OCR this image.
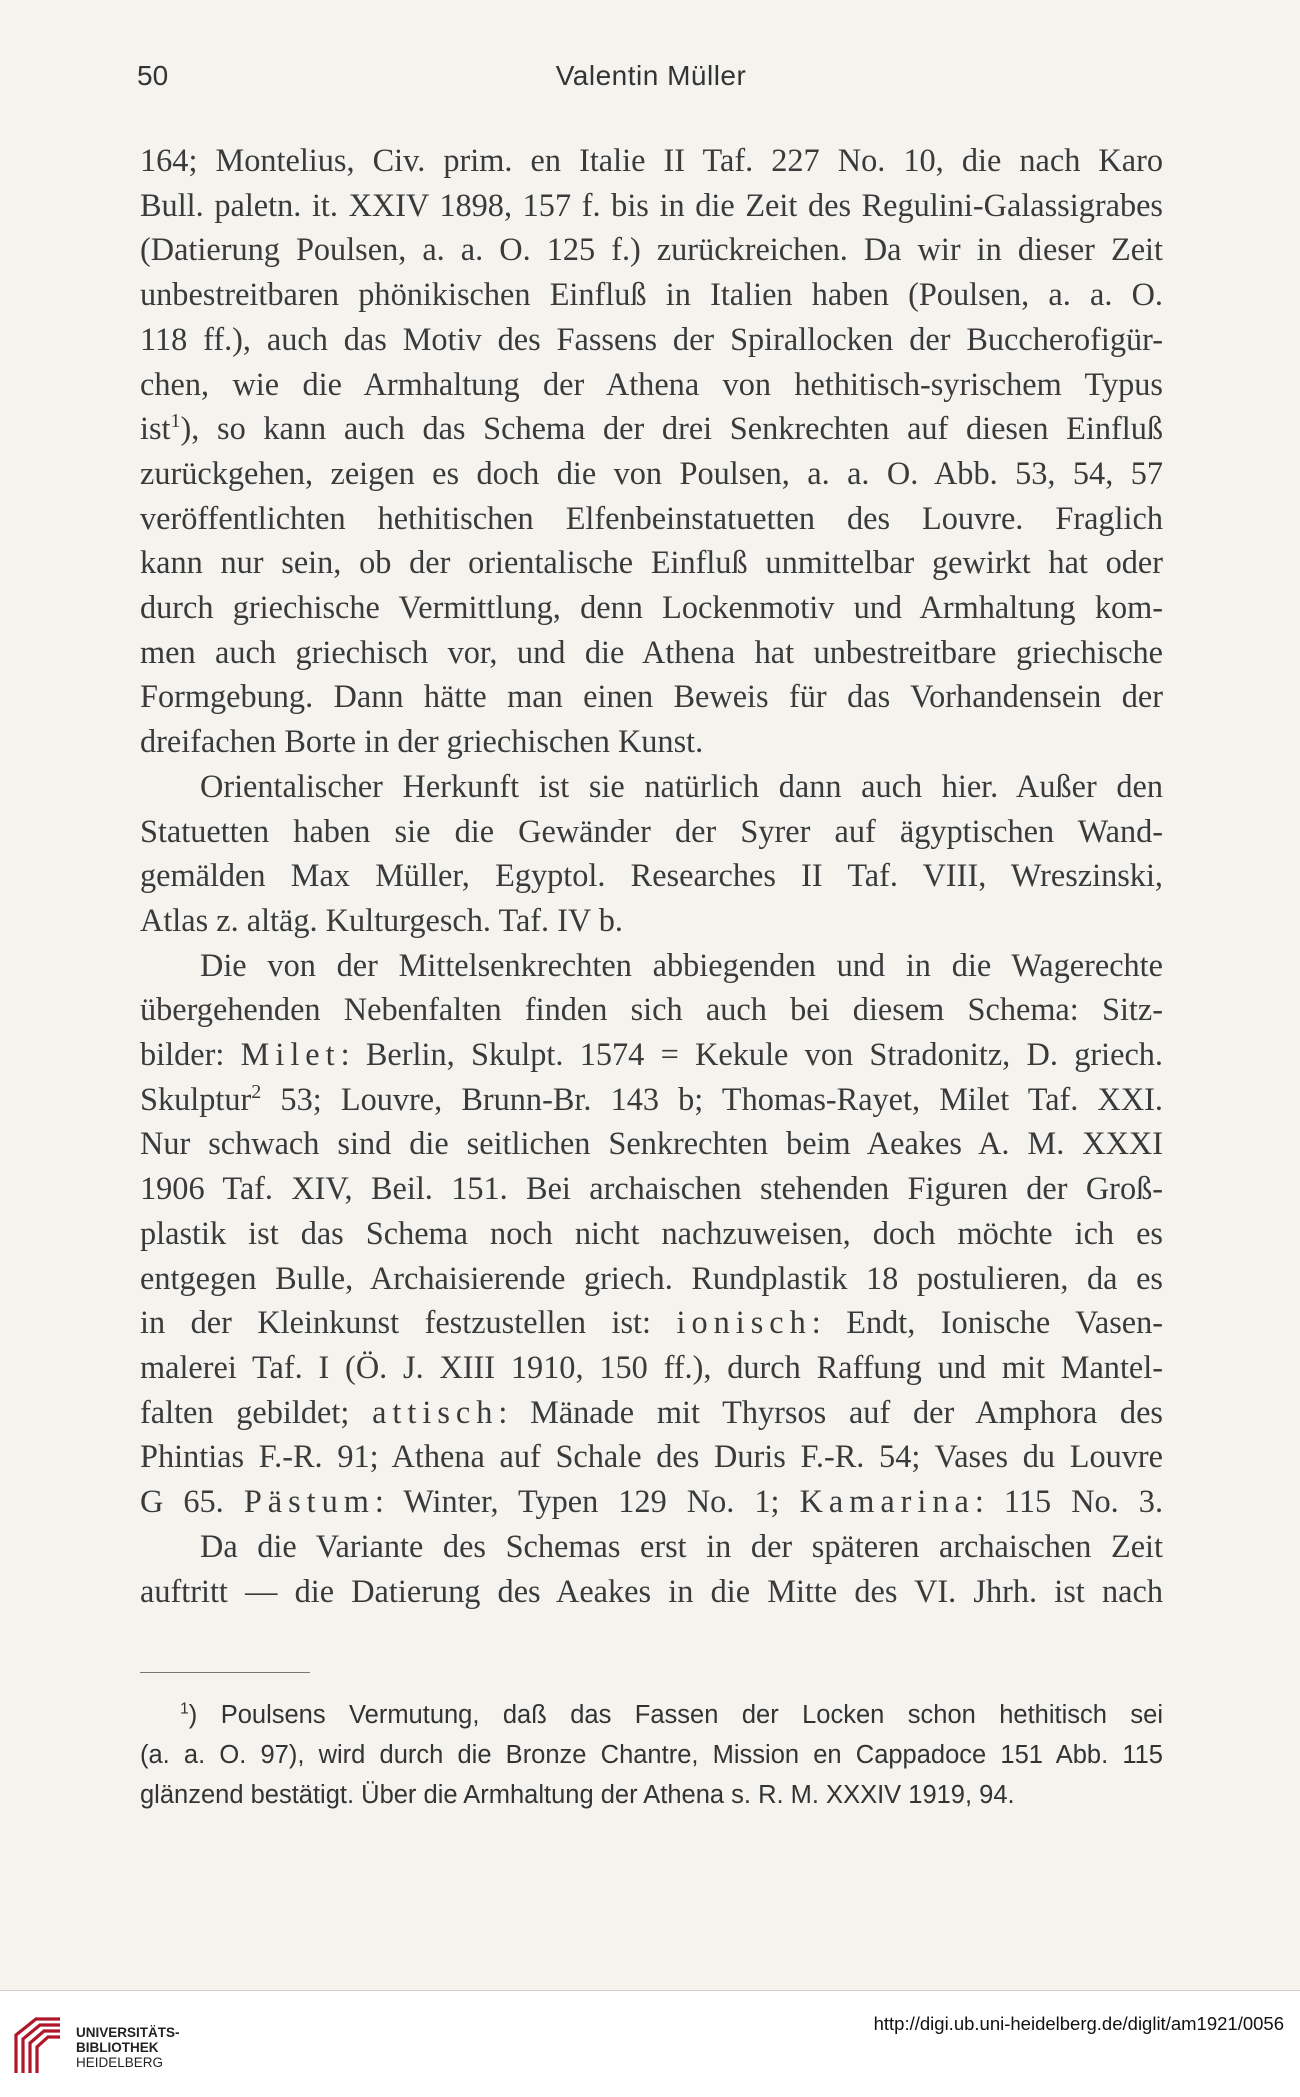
50	Valentin Müller
164; Montelius, Civ. prim. en Italie II Taf. 227 No. 10, die nach Karo
Bull. paletn. it. XXIV 1898, 157 f. bis in die Zeit des Regulini-Galassigrabes
(Datierung Poulsen, a. a. O. 125 f.) zurückreichen. Da wir in dieser Zeit
unbestreitbaren phönikischen Einfluß in Italien haben (Poulsen, a. a. O.
118 ff.), auch das Motiv des Fassens der Spirallocken der Buccherofigür-
chen, wie die Armhaltung der Athena von hethitisch-syrischem Typus
ist$^1$), so kann auch das Schema der drei Senkrechten auf diesen Einfluß
zurückgehen, zeigen es doch die von Poulsen, a. a. O. Abb. 53, 54, 57
veröffentlichten hethitischen Elfenbeinstatuetten des Louvre. Fraglich
kann nur sein, ob der orientalische Einfluß unmittelbar gewirkt hat oder
durch griechische Vermittlung, denn Lockenmotiv und Armhaltung kom-
men auch griechisch vor, und die Athena hat unbestreitbare griechische
Formgebung. Dann hätte man einen Beweis für das Vorhandensein der
dreifachen Borte in der griechischen Kunst.
Orientalischer Herkunft ist sie natürlich dann auch hier. Außer den
Statuetten haben sie die Gewänder der Syrer auf ägyptischen Wand-
gemälden Max Müller, Egyptol. Researches II Taf. VIII, Wreszinski,
Atlas z. altäg. Kulturgesch. Taf. IV b.
Die von der Mittelsenkrechten abbiegenden und in die Wagerechte
übergehenden Nebenfalten finden sich auch bei diesem Schema: Sitz-
bilder: Milet: Berlin, Skulpt. 1574 = Kekule von Stradonitz, D. griech.
Skulptur$^2$ 53; Louvre, Brunn-Br. 143 b; Thomas-Rayet, Milet Taf. XXI.
Nur schwach sind die seitlichen Senkrechten beim Aeakes A. M. XXXI
1906 Taf. XIV, Beil. 151. Bei archaischen stehenden Figuren der Groß-
plastik ist das Schema noch nicht nachzuweisen, doch möchte ich es
entgegen Bulle, Archaisierende griech. Rundplastik 18 postulieren, da es
in der Kleinkunst festzustellen ist: ionisch: Endt, Ionische Vasen-
malerei Taf. I (Ö. J. XIII 1910, 150 ff.), durch Raffung und mit Mantel-
falten gebildet; attisch: Mänade mit Thyrsos auf der Amphora des
Phintias F.-R. 91; Athena auf Schale des Duris F.-R. 54; Vases du Louvre
G 65. Pästum: Winter, Typen 129 No. 1; Kamarina: 115 No. 3.
Da die Variante des Schemas erst in der späteren archaischen Zeit
auftritt — die Datierung des Aeakes in die Mitte des VI. Jhrh. ist nach
$^1$) Poulsens Vermutung, daß das Fassen der Locken schon hethitisch sei
(a. a. O. 97), wird durch die Bronze Chantre, Mission en Cappadoce 151 Abb. 115
glänzend bestätigt. Über die Armhaltung der Athena s. R. M. XXXIV 1919, 94.
UNIVERSITÄTS-
BIBLIOTHEK
HEIDELBERG
http://digi.ub.uni-heidelberg.de/diglit/am1921/0056
